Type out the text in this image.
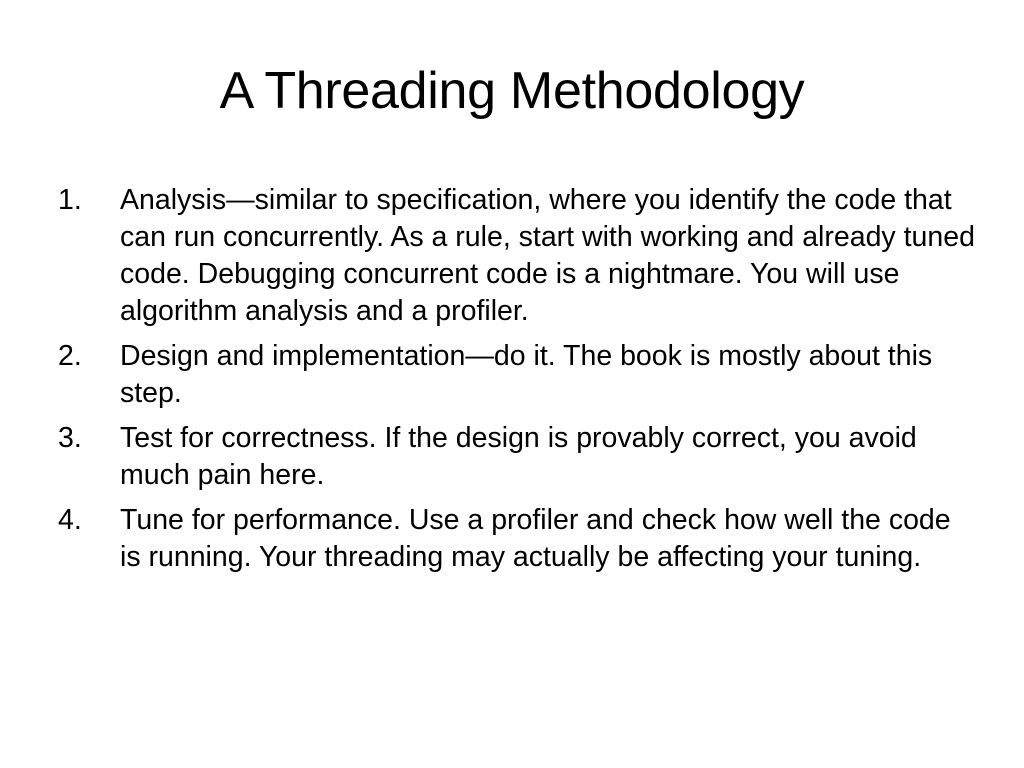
A Threading Methodology
1.	Analysis—similar to specification, where you identify the code that can run concurrently. As a rule, start with working and already tuned code. Debugging concurrent code is a nightmare. You will use algorithm analysis and a profiler.
2.	Design and implementation—do it. The book is mostly about this step.
3.	Test for correctness. If the design is provably correct, you avoid much pain here.
4.	Tune for performance. Use a profiler and check how well the code is running. Your threading may actually be affecting your tuning.
